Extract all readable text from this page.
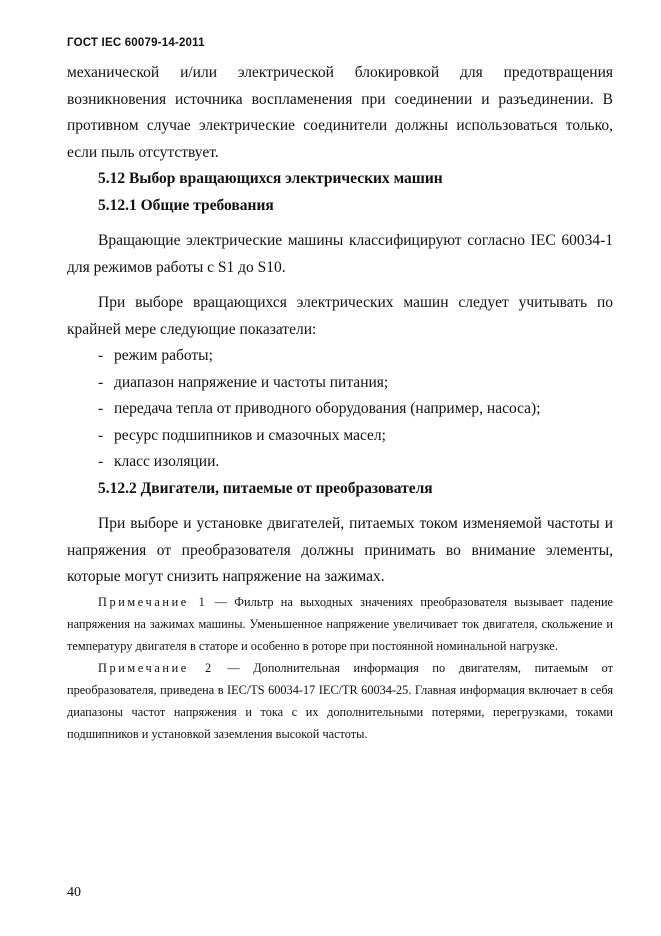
ГОСТ IEC 60079-14-2011

механической и/или электрической блокировкой для предотвращения возникновения источника воспламенения при соединении и разъединении. В противном случае электрические соединители должны использоваться только, если пыль отсутствует.

5.12 Выбор вращающихся электрических машин

5.12.1 Общие требования

Вращающие электрические машины классифицируют согласно IEC 60034-1 для режимов работы с S1 до S10.

При выборе вращающихся электрических машин следует учитывать по крайней мере следующие показатели:

- режим работы;

- диапазон напряжение и частоты питания;

- передача тепла от приводного оборудования (например, насоса);

- ресурс подшипников и смазочных масел;

- класс изоляции.

5.12.2 Двигатели, питаемые от преобразователя

При выборе и установке двигателей, питаемых током изменяемой частоты и напряжения от преобразователя должны принимать во внимание элементы, которые могут снизить напряжение на зажимах.

Примечание 1 — Фильтр на выходных значениях преобразователя вызывает падение напряжения на зажимах машины. Уменьшенное напряжение увеличивает ток двигателя, скольжение и температуру двигателя в статоре и особенно в роторе при постоянной номинальной нагрузке.

Примечание 2 — Дополнительная информация по двигателям, питаемым от преобразователя, приведена в IEC/TS 60034-17 IEC/TR 60034-25. Главная информация включает в себя диапазоны частот напряжения и тока с их дополнительными потерями, перегрузками, токами подшипников и установкой заземления высокой частоты.

40
